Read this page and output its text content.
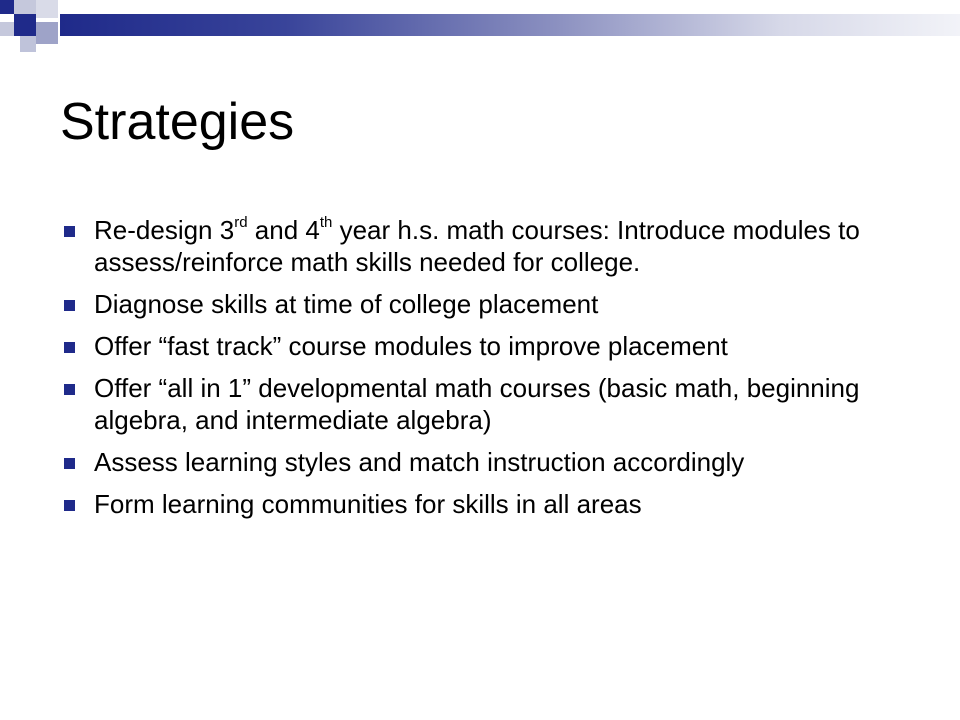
Strategies
Re-design 3rd and 4th year h.s. math courses: Introduce modules to assess/reinforce math skills needed for college.
Diagnose skills at time of college placement
Offer “fast track” course modules to improve placement
Offer “all in 1” developmental math courses (basic math, beginning algebra, and intermediate algebra)
Assess learning styles and match instruction accordingly
Form learning communities for skills in all areas
